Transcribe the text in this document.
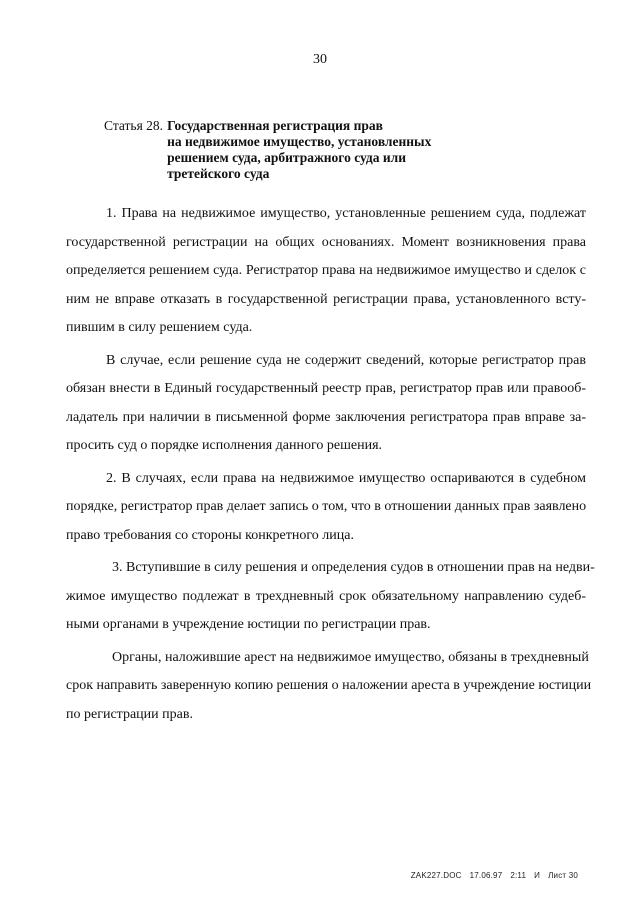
30
Статья 28. Государственная регистрация прав
на недвижимое имущество, установленных
решением суда, арбитражного суда или
третейского суда

1. Права на недвижимое имущество, установленные решением суда, подлежат
государственной регистрации на общих основаниях. Момент возникновения права
определяется решением суда. Регистратор права на недвижимое имущество и сделок с
ним не вправе отказать в государственной регистрации права, установленного всту-
пившим в силу решением суда.

В случае, если решение суда не содержит сведений, которые регистратор прав
обязан внести в Единый государственный реестр прав, регистратор прав или правооб-
ладатель при наличии в письменной форме заключения регистратора прав вправе за-
просить суд о порядке исполнения данного решения.

2. В случаях, если права на недвижимое имущество оспариваются в судебном
порядке, регистратор прав делает запись о том, что в отношении данных прав заявлено
право требования со стороны конкретного лица.

3. Вступившие в силу решения и определения судов в отношении прав на недви-
жимое имущество подлежат в трехдневный срок обязательному направлению судеб-
ными органами в учреждение юстиции по регистрации прав.

Органы, наложившие арест на недвижимое имущество, обязаны в трехдневный
срок направить заверенную копию решения о наложении ареста в учреждение юстиции
по регистрации прав.

ZAK227.DOC 17.06.97 2:11 И Лист 30
